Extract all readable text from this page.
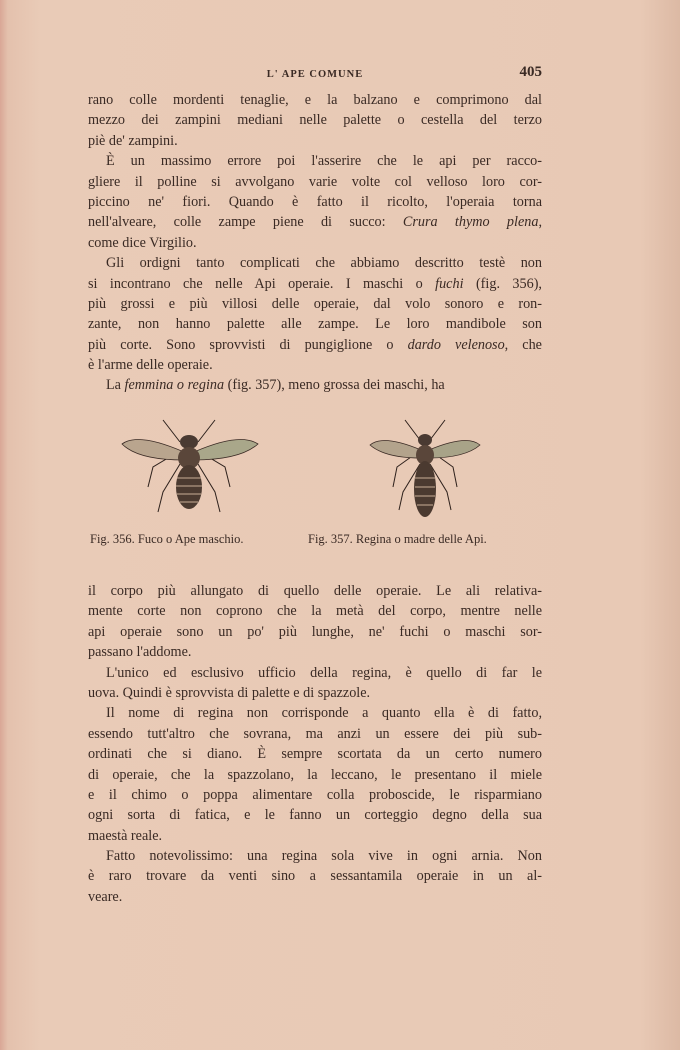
L' APE COMUNE	405
rano colle mordenti tenaglie, e la balzano e comprimono dal
mezzo dei zampini mediani nelle palette o cestella del terzo
piè de' zampini.
È un massimo errore poi l'asserire che le api per racco-
gliere il polline si avvolgano varie volte col velloso loro cor-
piccino ne' fiori. Quando è fatto il ricolto, l'operaia torna
nell'alveare, colle zampe piene di succo: Crura thymo plena,
come dice Virgilio.
Gli ordigni tanto complicati che abbiamo descritto testè non
si incontrano che nelle Api operaie. I maschi o fuchi (fig. 356),
più grossi e più villosi delle operaie, dal volo sonoro e ron-
zante, non hanno palette alle zampe. Le loro mandibole son
più corte. Sono sprovvisti di pungiglione o dardo velenoso, che
è l'arme delle operaie.
La femmina o regina (fig. 357), meno grossa dei maschi, ha
Fig. 356. Fuco o Ape maschio.	Fig. 357. Regina o madre delle Api.
il corpo più allungato di quello delle operaie. Le ali relativa-
mente corte non coprono che la metà del corpo, mentre nelle
api operaie sono un po' più lunghe, ne' fuchi o maschi sor-
passano l'addome.
L'unico ed esclusivo ufficio della regina, è quello di far le
uova. Quindi è sprovvista di palette e di spazzole.
Il nome di regina non corrisponde a quanto ella è di fatto,
essendo tutt'altro che sovrana, ma anzi un essere dei più sub-
ordinati che si diano. È sempre scortata da un certo numero
di operaie, che la spazzolano, la leccano, le presentano il miele
e il chimo o poppa alimentare colla proboscide, le risparmiano
ogni sorta di fatica, e le fanno un corteggio degno della sua
maestà reale.
Fatto notevolissimo: una regina sola vive in ogni arnia. Non
è raro trovare da venti sino a sessantamila operaie in un al-
veare.
